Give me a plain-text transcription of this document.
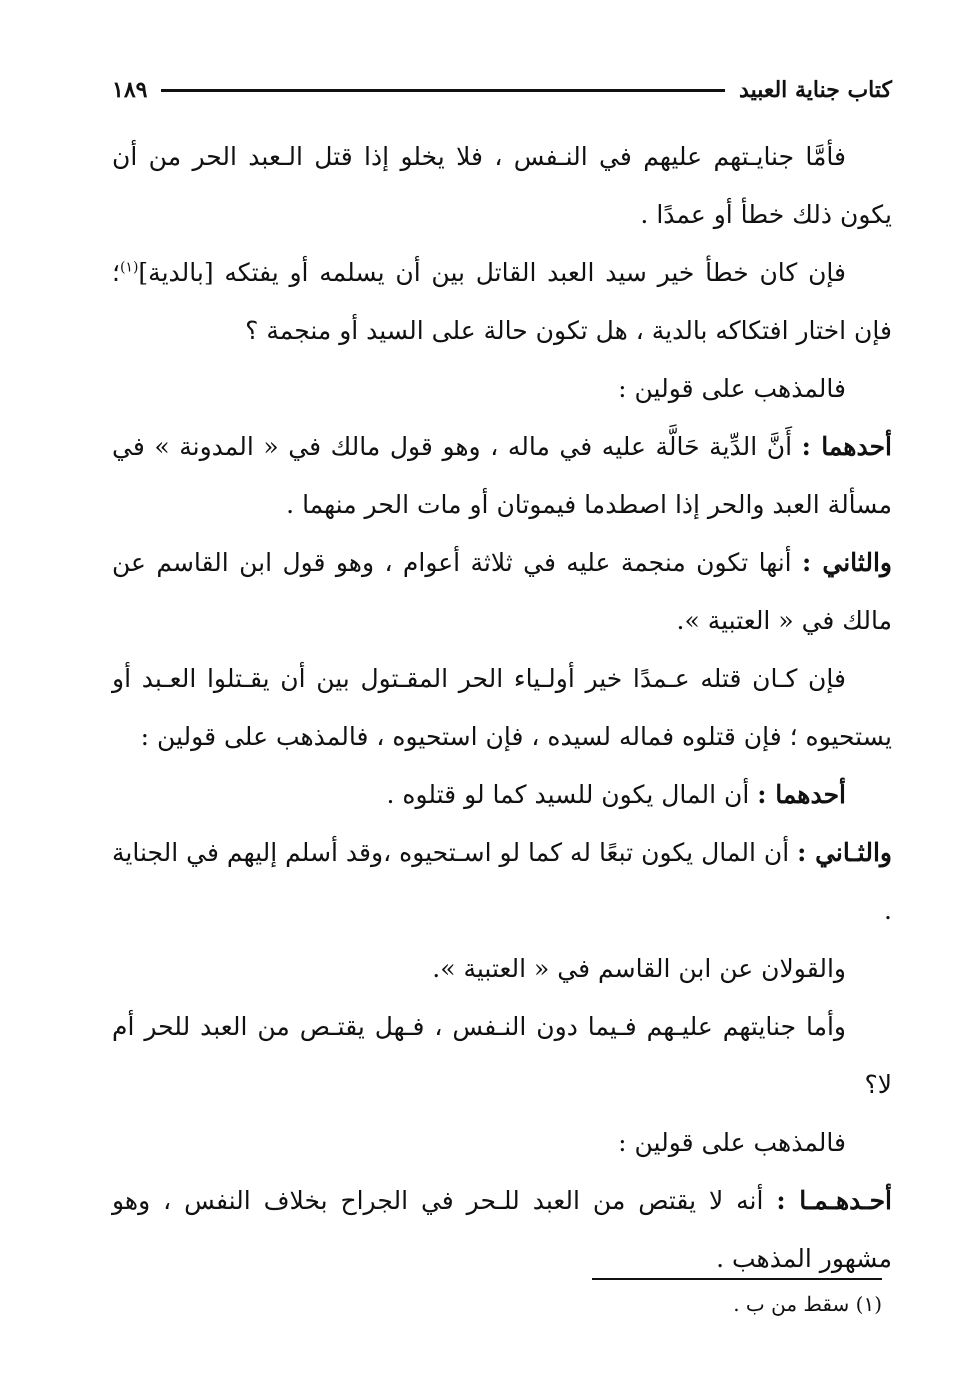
كتاب جناية العبيد
١٨٩

فأمَّا جنايـتهم عليهم في النـفس ، فلا يخلو إذا قتل الـعبد الحر من أن يكون ذلك خطأ أو عمدًا .

فإن كان خطأ خير سيد العبد القاتل بين أن يسلمه أو يفتكه [بالدية]$^{(١)}$؛ فإن اختار افتكاكه بالدية ، هل تكون حالة على السيد أو منجمة ؟

فالمذهب على قولين :

أحدهما : أَنَّ الدِّية حَالَّة عليه في ماله ، وهو قول مالك في « المدونة » في مسألة العبد والحر إذا اصطدما فيموتان أو مات الحر منهما .

والثاني : أنها تكون منجمة عليه في ثلاثة أعوام ، وهو قول ابن القاسم عن مالك في « العتبية ».

فإن كـان قتله عـمدًا خير أولـياء الحر المقـتول بين أن يقـتلوا العـبد أو يستحيوه ؛ فإن قتلوه فماله لسيده ، فإن استحيوه ، فالمذهب على قولين :

أحدهما : أن المال يكون للسيد كما لو قتلوه .

والثـاني : أن المال يكون تبعًا له كما لو اسـتحيوه ،وقد أسلم إليهم في الجناية .

والقولان عن ابن القاسم في « العتبية ».

وأما جنايتهم عليـهم فـيما دون النـفس ، فـهل يقتـص من العبد للحر أم لا؟

فالمذهب على قولين :

أحـدهـمـا : أنه لا يقتص من العبد للـحر في الجراح بخلاف النفس ، وهو مشهور المذهب .

(١) سقط من ب .
